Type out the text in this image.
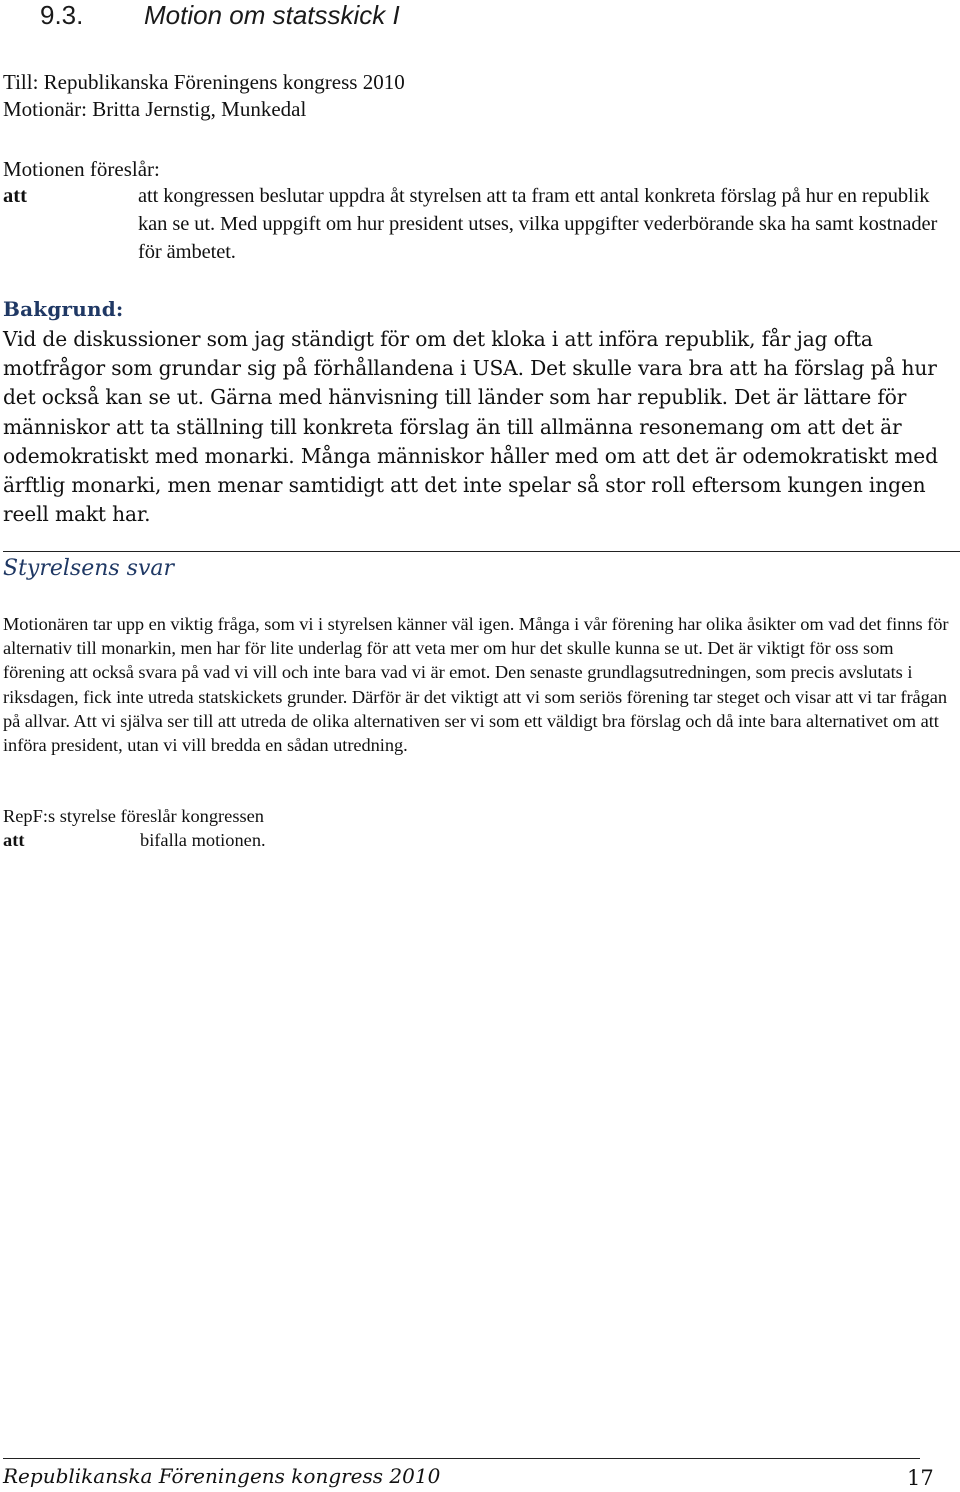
9.3. Motion om statsskick I
Till: Republikanska Föreningens kongress 2010
Motionär: Britta Jernstig, Munkedal
Motionen föreslår:
att	att kongressen beslutar uppdra åt styrelsen att ta fram ett antal konkreta förslag på hur en republik kan se ut. Med uppgift om hur president utses, vilka uppgifter vederbörande ska ha samt kostnader för ämbetet.
Bakgrund:
Vid de diskussioner som jag ständigt för om det kloka i att införa republik, får jag ofta motfrågor som grundar sig på förhållandena i USA. Det skulle vara bra att ha förslag på hur det också kan se ut. Gärna med hänvisning till länder som har republik. Det är lättare för människor att ta ställning till konkreta förslag än till allmänna resonemang om att det är odemokratiskt med monarki. Många människor håller med om att det är odemokratiskt med ärftlig monarki, men menar samtidigt att det inte spelar så stor roll eftersom kungen ingen reell makt har.
Styrelsens svar
Motionären tar upp en viktig fråga, som vi i styrelsen känner väl igen. Många i vår förening har olika åsikter om vad det finns för alternativ till monarkin, men har för lite underlag för att veta mer om hur det skulle kunna se ut. Det är viktigt för oss som förening att också svara på vad vi vill och inte bara vad vi är emot. Den senaste grundlagsutredningen, som precis avslutats i riksdagen, fick inte utreda statskickets grunder. Därför är det viktigt att vi som seriös förening tar steget och visar att vi tar frågan på allvar. Att vi själva ser till att utreda de olika alternativen ser vi som ett väldigt bra förslag och då inte bara alternativet om att införa president, utan vi vill bredda en sådan utredning.
RepF:s styrelse föreslår kongressen
att	bifalla motionen.
Republikanska Föreningens kongress 2010	17
